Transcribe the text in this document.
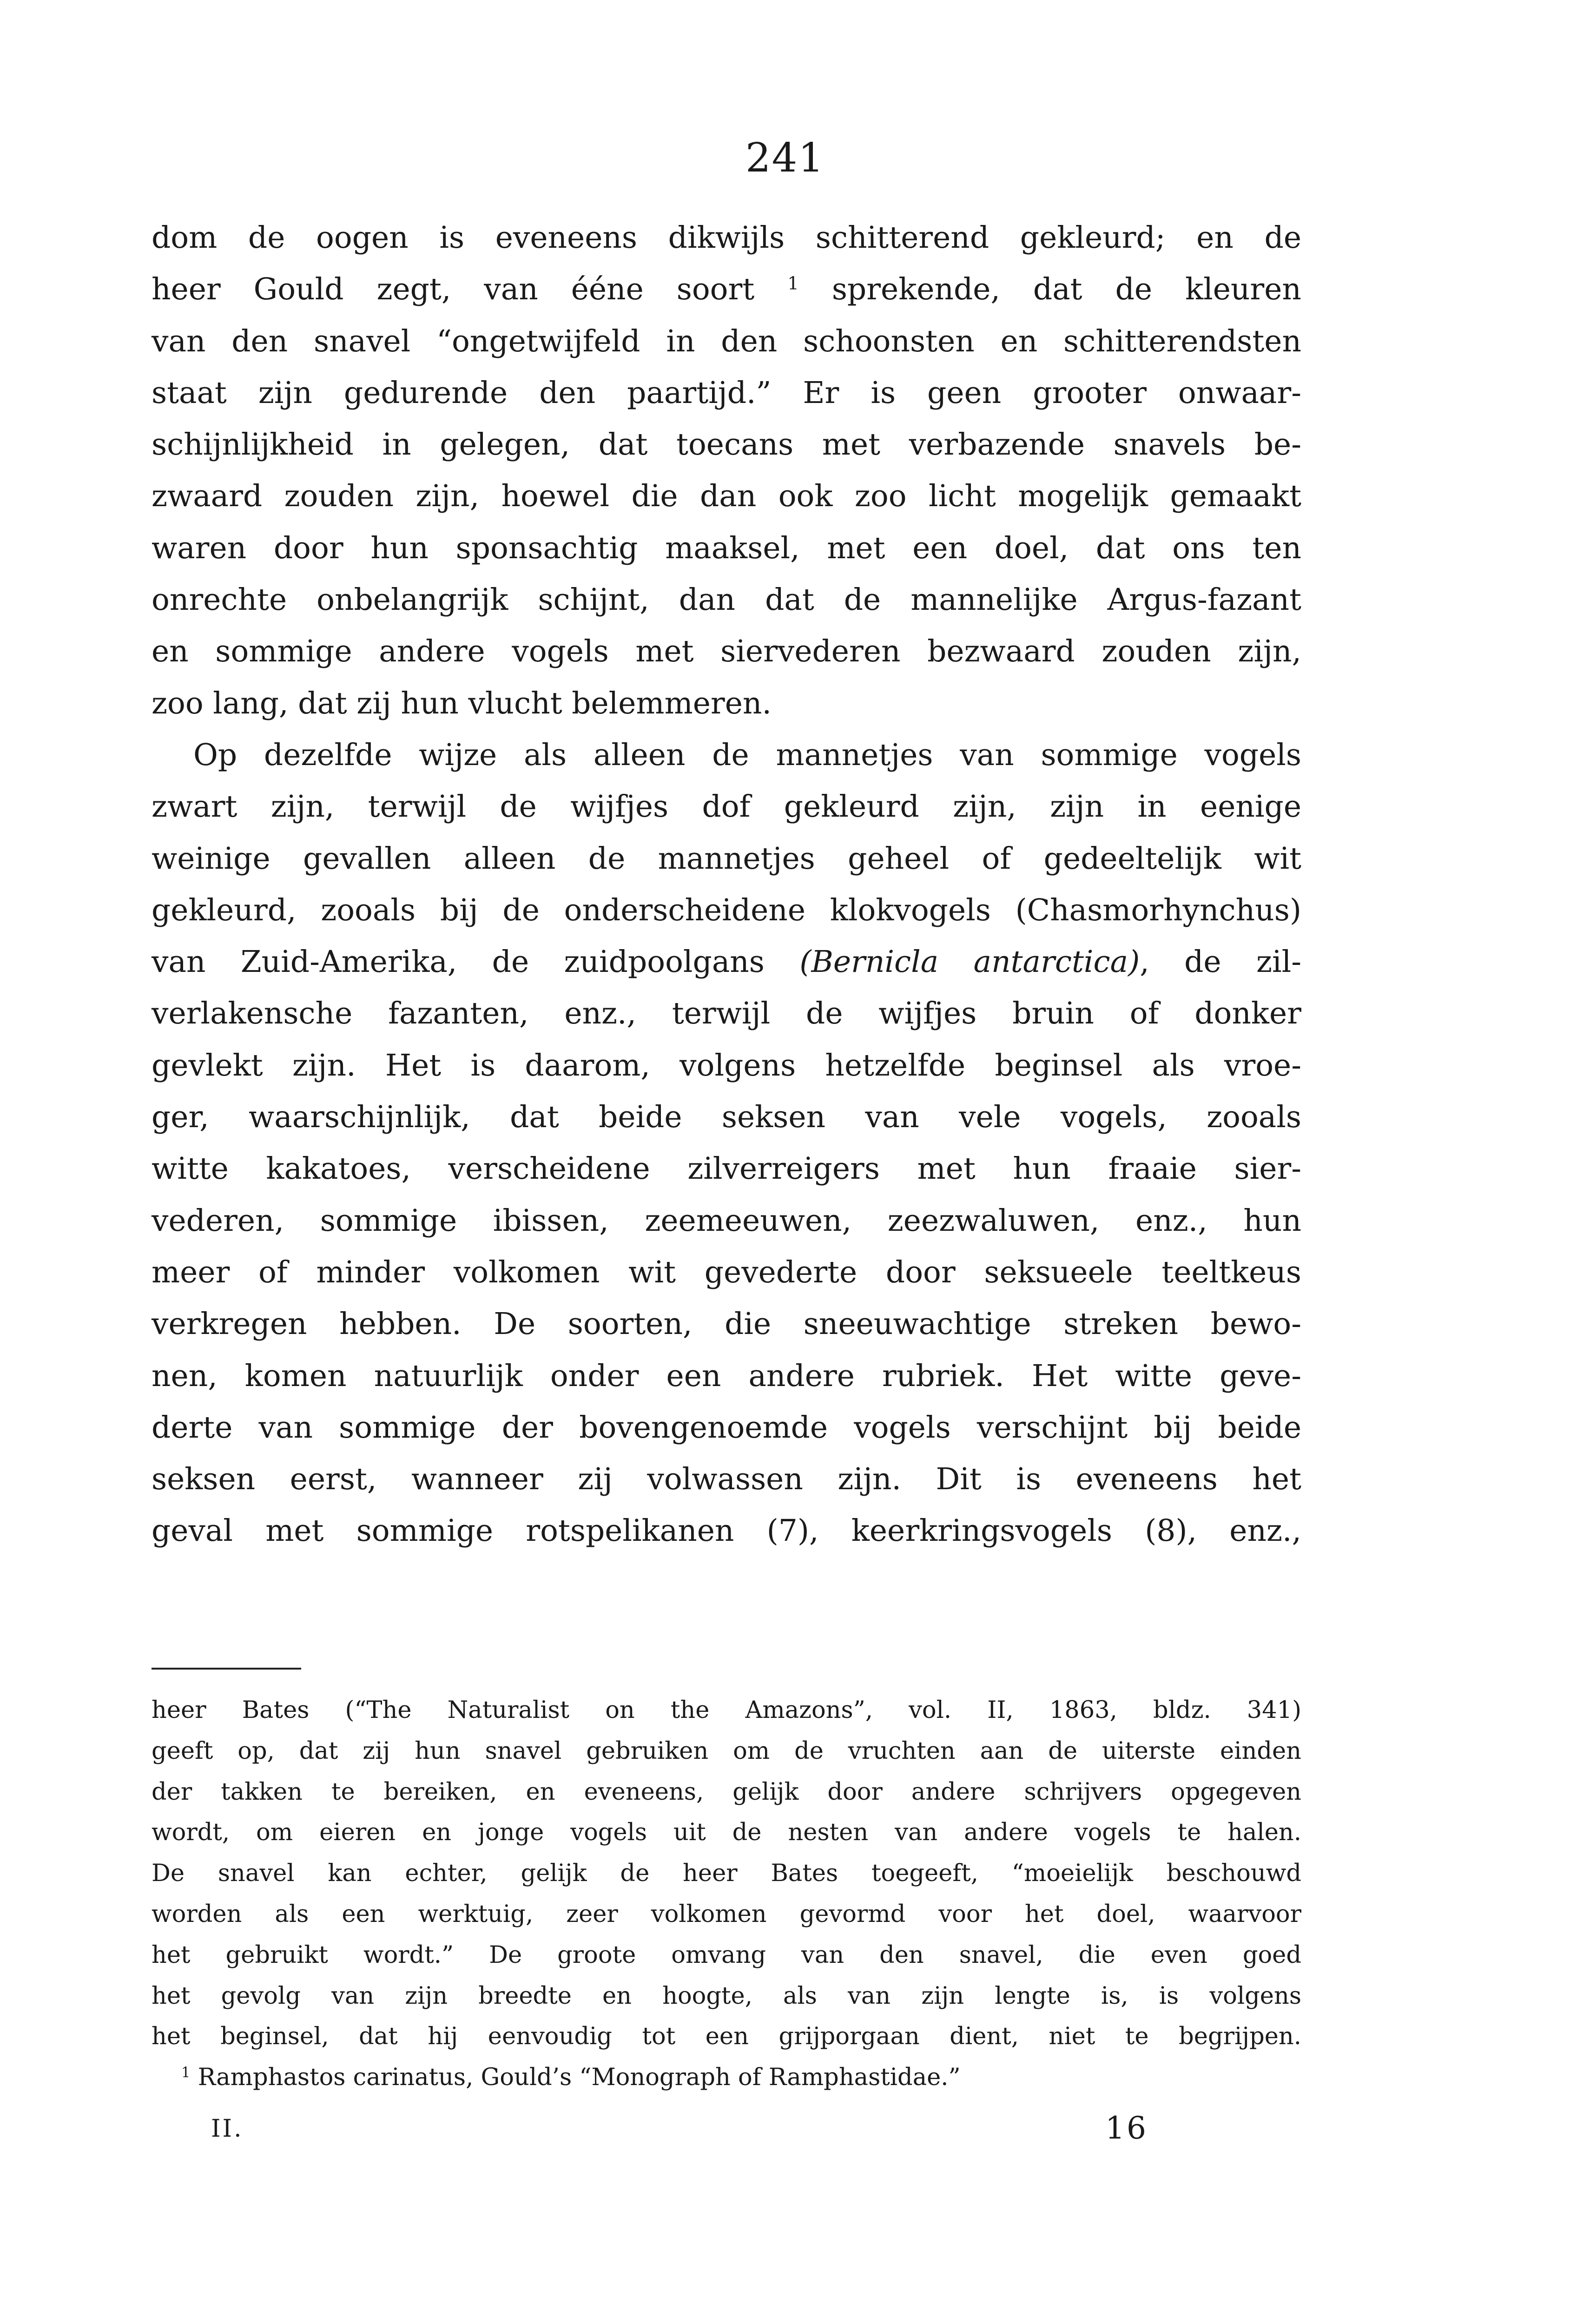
241
dom de oogen is eveneens dikwijls schitterend gekleurd; en de
heer Gould zegt, van ééne soort $^1$ sprekende, dat de kleuren
van den snavel “ongetwijfeld in den schoonsten en schitterendsten
staat zijn gedurende den paartijd.” Er is geen grooter onwaar-
schijnlijkheid in gelegen, dat toecans met verbazende snavels be-
zwaard zouden zijn, hoewel die dan ook zoo licht mogelijk gemaakt
waren door hun sponsachtig maaksel, met een doel, dat ons ten
onrechte onbelangrijk schijnt, dan dat de mannelijke Argus-fazant
en sommige andere vogels met siervederen bezwaard zouden zijn,
zoo lang, dat zij hun vlucht belemmeren.
Op dezelfde wijze als alleen de mannetjes van sommige vogels
zwart zijn, terwijl de wijfjes dof gekleurd zijn, zijn in eenige
weinige gevallen alleen de mannetjes geheel of gedeeltelijk wit
gekleurd, zooals bij de onderscheidene klokvogels (Chasmorhynchus)
van Zuid-Amerika, de zuidpoolgans (Bernicla antarctica), de zil-
verlakensche fazanten, enz., terwijl de wijfjes bruin of donker
gevlekt zijn. Het is daarom, volgens hetzelfde beginsel als vroe-
ger, waarschijnlijk, dat beide seksen van vele vogels, zooals
witte kakatoes, verscheidene zilverreigers met hun fraaie sier-
vederen, sommige ibissen, zeemeeuwen, zeezwaluwen, enz., hun
meer of minder volkomen wit gevederte door seksueele teeltkeus
verkregen hebben. De soorten, die sneeuwachtige streken bewo-
nen, komen natuurlijk onder een andere rubriek. Het witte geve-
derte van sommige der bovengenoemde vogels verschijnt bij beide
seksen eerst, wanneer zij volwassen zijn. Dit is eveneens het
geval met sommige rotspelikanen (7), keerkringsvogels (8), enz.,
heer Bates (“The Naturalist on the Amazons”, vol. II, 1863, bldz. 341)
geeft op, dat zij hun snavel gebruiken om de vruchten aan de uiterste einden
der takken te bereiken, en eveneens, gelijk door andere schrijvers opgegeven
wordt, om eieren en jonge vogels uit de nesten van andere vogels te halen.
De snavel kan echter, gelijk de heer Bates toegeeft, “moeielijk beschouwd
worden als een werktuig, zeer volkomen gevormd voor het doel, waarvoor
het gebruikt wordt.” De groote omvang van den snavel, die even goed
het gevolg van zijn breedte en hoogte, als van zijn lengte is, is volgens
het beginsel, dat hij eenvoudig tot een grijporgaan dient, niet te begrijpen.
$^1$ Ramphastos carinatus, Gould’s “Monograph of Ramphastidae.”
II.	16
